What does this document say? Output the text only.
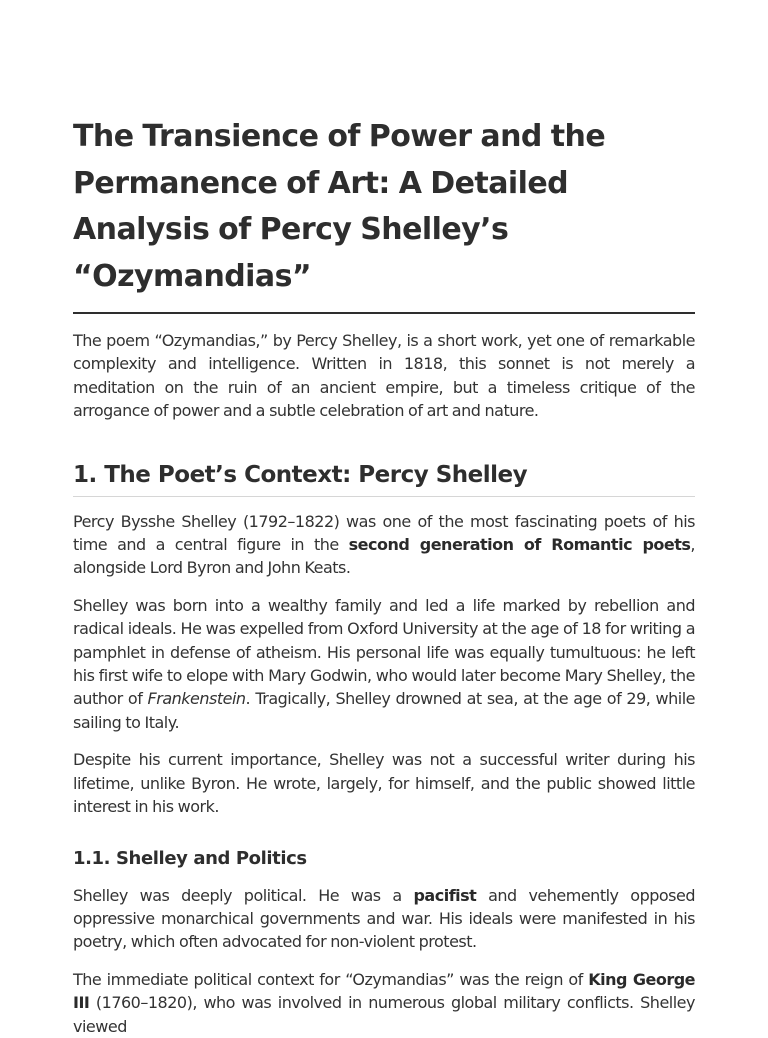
The Transience of Power and the Permanence of Art: A Detailed Analysis of Percy Shelley’s “Ozymandias”

The poem “Ozymandias,” by Percy Shelley, is a short work, yet one of remarkable complexity and intelligence. Written in 1818, this sonnet is not merely a meditation on the ruin of an ancient empire, but a timeless critique of the arrogance of power and a subtle celebration of art and nature.

1. The Poet’s Context: Percy Shelley

Percy Bysshe Shelley (1792–1822) was one of the most fascinating poets of his time and a central figure in the second generation of Romantic poets, alongside Lord Byron and John Keats.

Shelley was born into a wealthy family and led a life marked by rebellion and radical ideals. He was expelled from Oxford University at the age of 18 for writing a pamphlet in defense of atheism. His personal life was equally tumultuous: he left his first wife to elope with Mary Godwin, who would later become Mary Shelley, the author of Frankenstein. Tragically, Shelley drowned at sea, at the age of 29, while sailing to Italy.

Despite his current importance, Shelley was not a successful writer during his lifetime, unlike Byron. He wrote, largely, for himself, and the public showed little interest in his work.

1.1. Shelley and Politics

Shelley was deeply political. He was a pacifist and vehemently opposed oppressive monarchical governments and war. His ideals were manifested in his poetry, which often advocated for non-violent protest.

The immediate political context for “Ozymandias” was the reign of King George III (1760–1820), who was involved in numerous global military conflicts. Shelley viewed
